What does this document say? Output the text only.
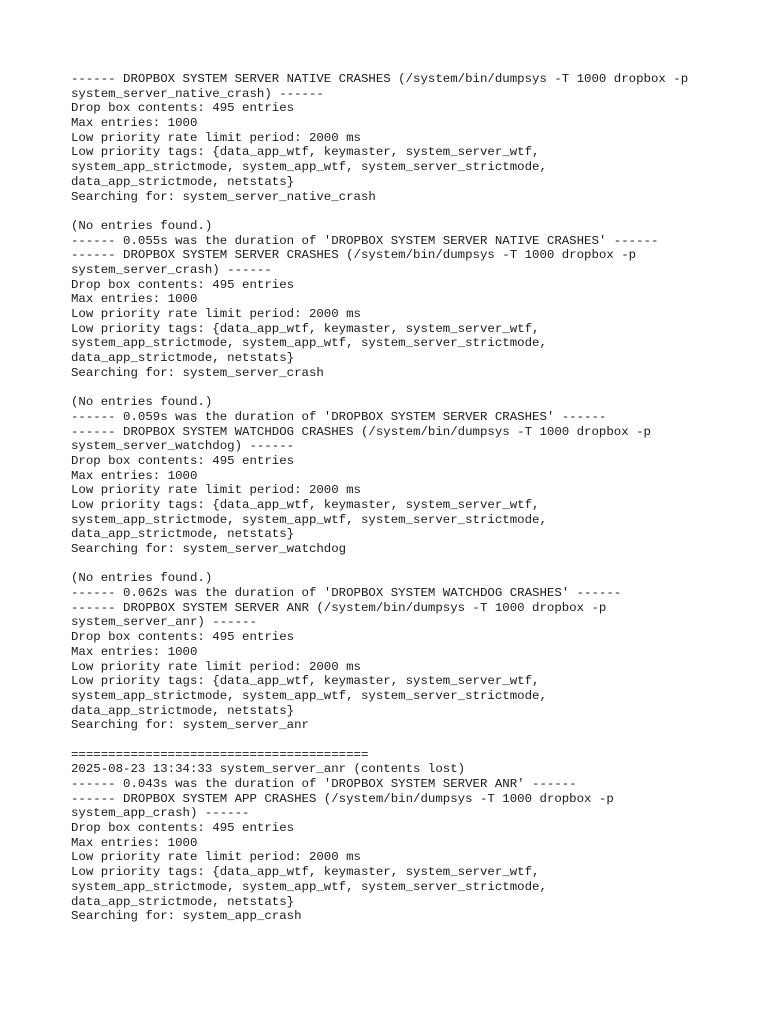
------ DROPBOX SYSTEM SERVER NATIVE CRASHES (/system/bin/dumpsys -T 1000 dropbox -p
system_server_native_crash) ------
Drop box contents: 495 entries
Max entries: 1000
Low priority rate limit period: 2000 ms
Low priority tags: {data_app_wtf, keymaster, system_server_wtf,
system_app_strictmode, system_app_wtf, system_server_strictmode,
data_app_strictmode, netstats}
Searching for: system_server_native_crash
(No entries found.)
------ 0.055s was the duration of 'DROPBOX SYSTEM SERVER NATIVE CRASHES' ------
------ DROPBOX SYSTEM SERVER CRASHES (/system/bin/dumpsys -T 1000 dropbox -p
system_server_crash) ------
Drop box contents: 495 entries
Max entries: 1000
Low priority rate limit period: 2000 ms
Low priority tags: {data_app_wtf, keymaster, system_server_wtf,
system_app_strictmode, system_app_wtf, system_server_strictmode,
data_app_strictmode, netstats}
Searching for: system_server_crash
(No entries found.)
------ 0.059s was the duration of 'DROPBOX SYSTEM SERVER CRASHES' ------
------ DROPBOX SYSTEM WATCHDOG CRASHES (/system/bin/dumpsys -T 1000 dropbox -p
system_server_watchdog) ------
Drop box contents: 495 entries
Max entries: 1000
Low priority rate limit period: 2000 ms
Low priority tags: {data_app_wtf, keymaster, system_server_wtf,
system_app_strictmode, system_app_wtf, system_server_strictmode,
data_app_strictmode, netstats}
Searching for: system_server_watchdog
(No entries found.)
------ 0.062s was the duration of 'DROPBOX SYSTEM WATCHDOG CRASHES' ------
------ DROPBOX SYSTEM SERVER ANR (/system/bin/dumpsys -T 1000 dropbox -p
system_server_anr) ------
Drop box contents: 495 entries
Max entries: 1000
Low priority rate limit period: 2000 ms
Low priority tags: {data_app_wtf, keymaster, system_server_wtf,
system_app_strictmode, system_app_wtf, system_server_strictmode,
data_app_strictmode, netstats}
Searching for: system_server_anr
========================================
2025-08-23 13:34:33 system_server_anr (contents lost)
------ 0.043s was the duration of 'DROPBOX SYSTEM SERVER ANR' ------
------ DROPBOX SYSTEM APP CRASHES (/system/bin/dumpsys -T 1000 dropbox -p
system_app_crash) ------
Drop box contents: 495 entries
Max entries: 1000
Low priority rate limit period: 2000 ms
Low priority tags: {data_app_wtf, keymaster, system_server_wtf,
system_app_strictmode, system_app_wtf, system_server_strictmode,
data_app_strictmode, netstats}
Searching for: system_app_crash
